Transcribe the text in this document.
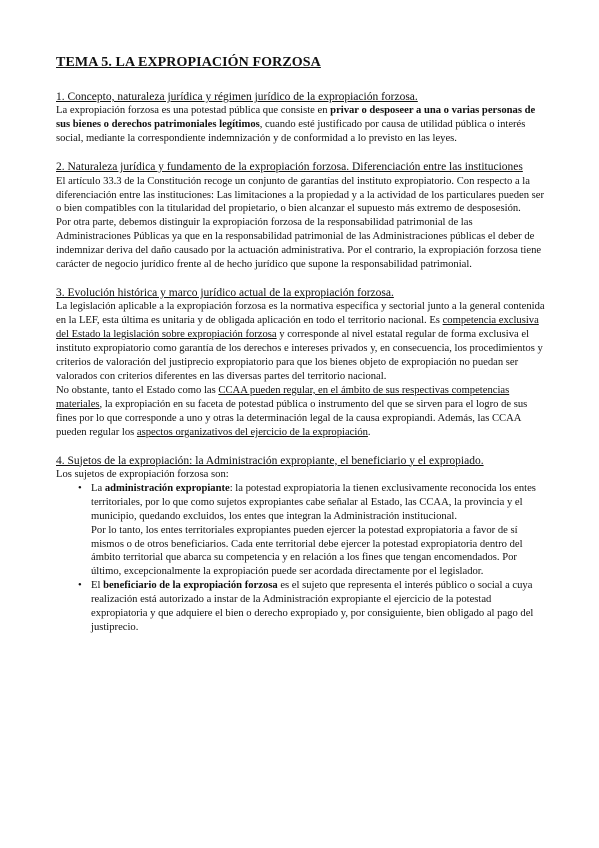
TEMA 5. LA EXPROPIACIÓN FORZOSA
1. Concepto, naturaleza jurídica y régimen jurídico de la expropiación forzosa.

La expropiación forzosa es una potestad pública que consiste en privar o desposeer a una o varias personas de sus bienes o derechos patrimoniales legítimos, cuando esté justificado por causa de utilidad pública o interés social, mediante la correspondiente indemnización y de conformidad a lo previsto en las leyes.

2. Naturaleza jurídica y fundamento de la expropiación forzosa. Diferenciación entre las instituciones

El artículo 33.3 de la Constitución recoge un conjunto de garantías del instituto expropiatorio. Con respecto a la diferenciación entre las instituciones: Las limitaciones a la propiedad y a la actividad de los particulares pueden ser o bien compatibles con la titularidad del propietario, o bien alcanzar el supuesto más extremo de desposesión.

Por otra parte, debemos distinguir la expropiación forzosa de la responsabilidad patrimonial de las Administraciones Públicas ya que en la responsabilidad patrimonial de las Administraciones públicas el deber de indemnizar deriva del daño causado por la actuación administrativa. Por el contrario, la expropiación forzosa tiene carácter de negocio jurídico frente al de hecho jurídico que supone la responsabilidad patrimonial.

3. Evolución histórica y marco jurídico actual de la expropiación forzosa.

La legislación aplicable a la expropiación forzosa es la normativa específica y sectorial junto a la general contenida en la LEF, esta última es unitaria y de obligada aplicación en todo el territorio nacional. Es competencia exclusiva del Estado la legislación sobre expropiación forzosa y corresponde al nivel estatal regular de forma exclusiva el instituto expropiatorio como garantía de los derechos e intereses privados y, en consecuencia, los procedimientos y criterios de valoración del justiprecio expropiatorio para que los bienes objeto de expropiación no puedan ser valorados con criterios diferentes en las diversas partes del territorio nacional.

No obstante, tanto el Estado como las CCAA pueden regular, en el ámbito de sus respectivas competencias materiales, la expropiación en su faceta de potestad pública o instrumento del que se sirven para el logro de sus fines por lo que corresponde a uno y otras la determinación legal de la causa expropiandi. Además, las CCAA pueden regular los aspectos organizativos del ejercicio de la expropiación.

4. Sujetos de la expropiación: la Administración expropiante, el beneficiario y el expropiado.

Los sujetos de expropiación forzosa son:

• La administración expropiante: la potestad expropiatoria la tienen exclusivamente reconocida los entes territoriales, por lo que como sujetos expropiantes cabe señalar al Estado, las CCAA, la provincia y el municipio, quedando excluidos, los entes que integran la Administración institucional.

Por lo tanto, los entes territoriales expropiantes pueden ejercer la potestad expropiatoria a favor de sí mismos o de otros beneficiarios. Cada ente territorial debe ejercer la potestad expropiatoria dentro del ámbito territorial que abarca su competencia y en relación a los fines que tengan encomendados. Por último, excepcionalmente la expropiación puede ser acordada directamente por el legislador.

• El beneficiario de la expropiación forzosa es el sujeto que representa el interés público o social a cuya realización está autorizado a instar de la Administración expropiante el ejercicio de la potestad expropiatoria y que adquiere el bien o derecho expropiado y, por consiguiente, bien obligado al pago del justiprecio.
